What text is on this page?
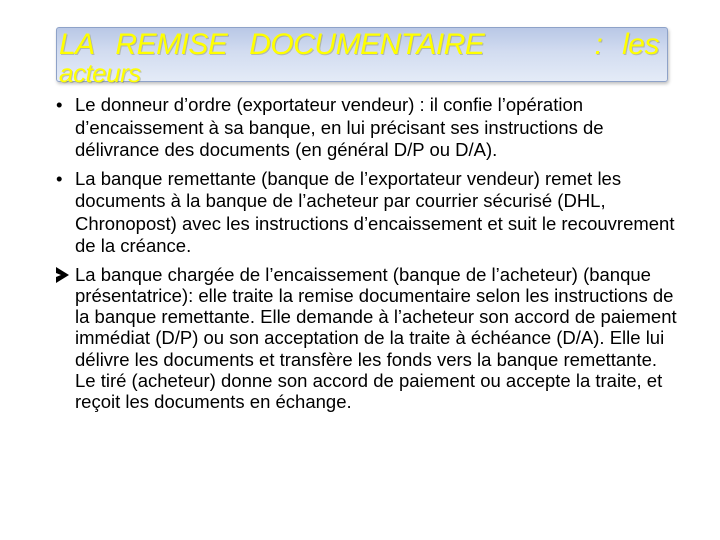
LA REMISE DOCUMENTAIRE	: les
acteurs
• Le donneur d’ordre (exportateur vendeur) : il confie l’opération d’encaissement à sa banque, en lui précisant ses instructions de délivrance des documents (en général D/P ou D/A).
• La banque remettante (banque de l’exportateur vendeur) remet les documents à la banque de l’acheteur par courrier sécurisé (DHL, Chronopost) avec les instructions d’encaissement et suit le recouvrement de la créance.
La banque chargée de l’encaissement (banque de l’acheteur) (banque présentatrice): elle traite la remise documentaire selon les instructions de la banque remettante. Elle demande à l’acheteur son accord de paiement immédiat (D/P) ou son acceptation de la traite à échéance (D/A). Elle lui délivre les documents et transfère les fonds vers la banque remettante. Le tiré (acheteur) donne son accord de paiement ou accepte la traite, et reçoit les documents en échange.
